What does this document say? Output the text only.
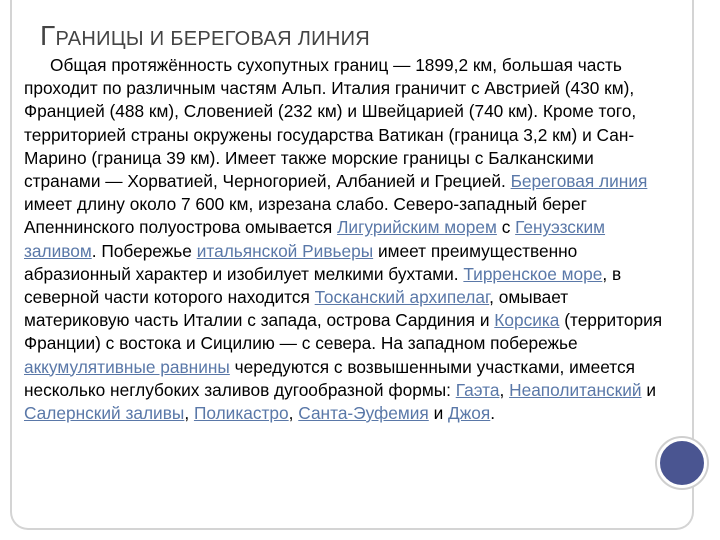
ГРАНИЦЫ И БЕРЕГОВАЯ ЛИНИЯ

Общая протяжённость сухопутных границ — 1899,2 км, большая часть проходит по различным частям Альп. Италия граничит с Австрией (430 км), Францией (488 км), Словенией (232 км) и Швейцарией (740 км). Кроме того, территорией страны окружены государства Ватикан (граница 3,2 км) и Сан-Марино (граница 39 км). Имеет также морские границы с Балканскими странами — Хорватией, Черногорией, Албанией и Грецией. Береговая линия имеет длину около 7 600 км, изрезана слабо. Северо-западный берег Апеннинского полуострова омывается Лигурийским морем с Генуэзским заливом. Побережье итальянской Ривьеры имеет преимущественно абразионный характер и изобилует мелкими бухтами. Тирренское море, в северной части которого находится Тосканский архипелаг, омывает материковую часть Италии с запада, острова Сардиния и Корсика (территория Франции) с востока и Сицилию — с севера. На западном побережье аккумулятивные равнины чередуются с возвышенными участками, имеется несколько неглубоких заливов дугообразной формы: Гаэта, Неаполитанский и Салернский заливы, Поликастро, Санта-Эуфемия и Джоя.
